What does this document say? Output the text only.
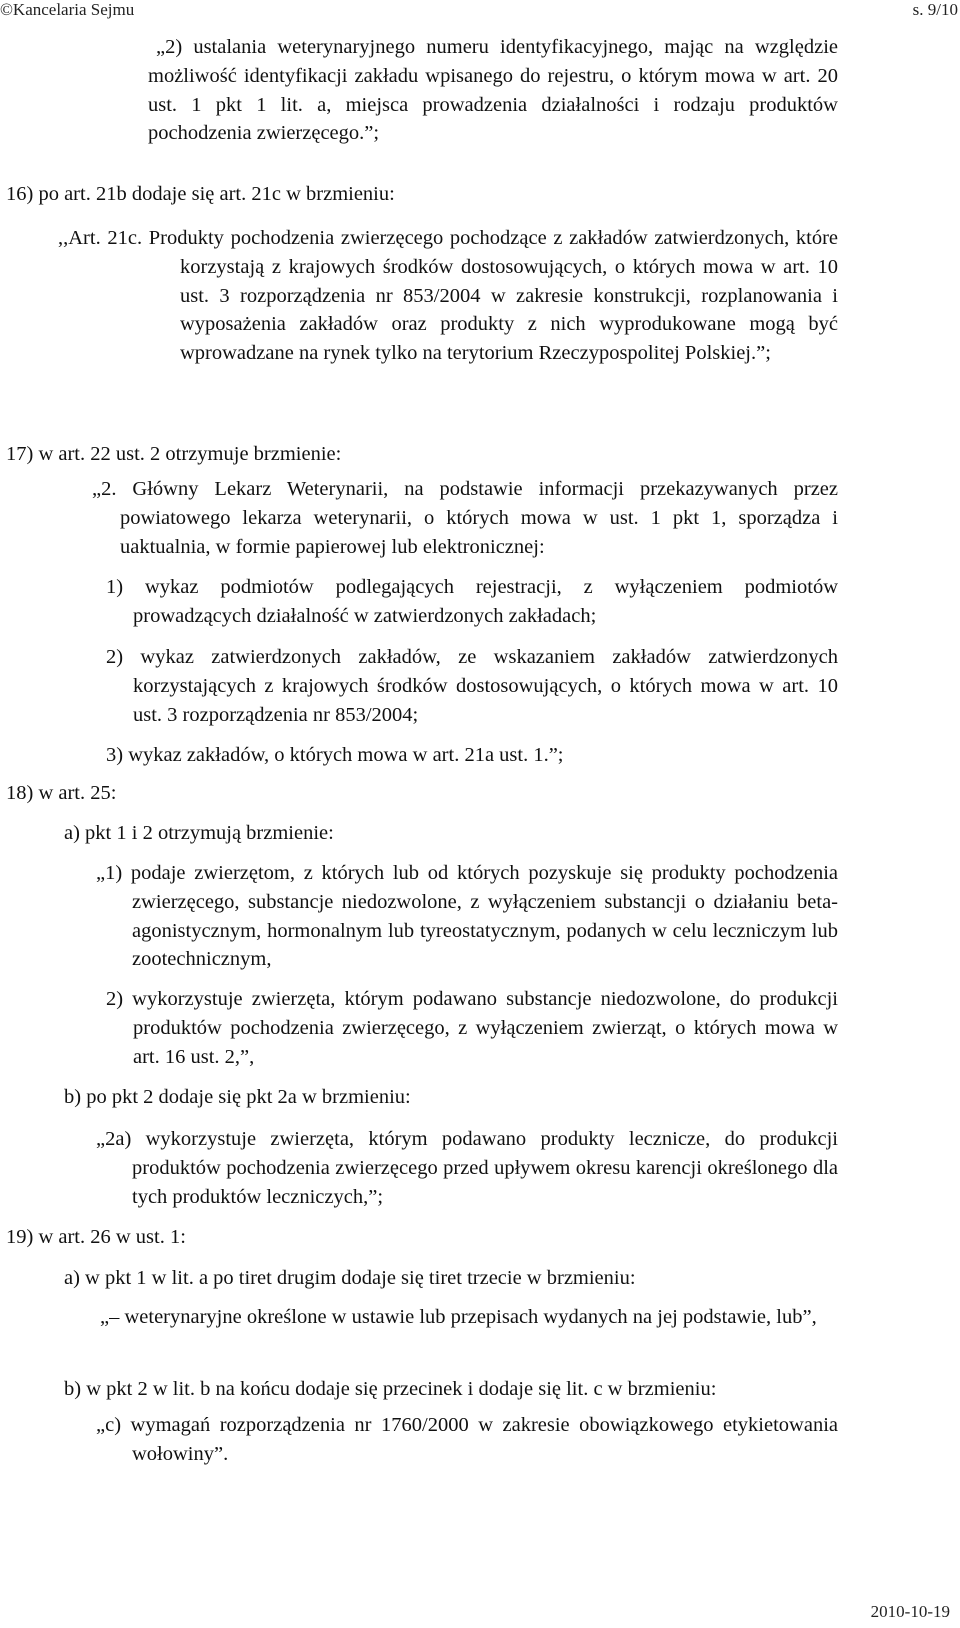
©Kancelaria Sejmu	s. 9/10

„2) ustalania weterynaryjnego numeru identyfikacyjnego, mając na względzie możliwość identyfikacji zakładu wpisanego do rejestru, o którym mowa w art. 20 ust. 1 pkt 1 lit. a, miejsca prowadzenia działalności i rodzaju produktów pochodzenia zwierzęcego.”;

16) po art. 21b dodaje się art. 21c w brzmieniu:

,,Art. 21c. Produkty pochodzenia zwierzęcego pochodzące z zakładów zatwierdzonych, które korzystają z krajowych środków dostosowujących, o których mowa w art. 10 ust. 3 rozporządzenia nr 853/2004 w zakresie konstrukcji, rozplanowania i wyposażenia zakładów oraz produkty z nich wyprodukowane mogą być wprowadzane na rynek tylko na terytorium Rzeczypospolitej Polskiej.”;

17) w art. 22 ust. 2 otrzymuje brzmienie:

„2. Główny Lekarz Weterynarii, na podstawie informacji przekazywanych przez powiatowego lekarza weterynarii, o których mowa w ust. 1 pkt 1, sporządza i uaktualnia, w formie papierowej lub elektronicznej:

1) wykaz podmiotów podlegających rejestracji, z wyłączeniem podmiotów prowadzących działalność w zatwierdzonych zakładach;

2) wykaz zatwierdzonych zakładów, ze wskazaniem zakładów zatwierdzonych korzystających z krajowych środków dostosowujących, o których mowa w art. 10 ust. 3 rozporządzenia nr 853/2004;

3) wykaz zakładów, o których mowa w art. 21a ust. 1.”;

18) w art. 25:

a) pkt 1 i 2 otrzymują brzmienie:

„1) podaje zwierzętom, z których lub od których pozyskuje się produkty pochodzenia zwierzęcego, substancje niedozwolone, z wyłączeniem substancji o działaniu beta-agonistycznym, hormonalnym lub tyreostatycznym, podanych w celu leczniczym lub zootechnicznym,

2) wykorzystuje zwierzęta, którym podawano substancje niedozwolone, do produkcji produktów pochodzenia zwierzęcego, z wyłączeniem zwierząt, o których mowa w art. 16 ust. 2,”,

b) po pkt 2 dodaje się pkt 2a w brzmieniu:

„2a) wykorzystuje zwierzęta, którym podawano produkty lecznicze, do produkcji produktów pochodzenia zwierzęcego przed upływem okresu karencji określonego dla tych produktów leczniczych,”;

19) w art. 26 w ust. 1:

a) w pkt 1 w lit. a po tiret drugim dodaje się tiret trzecie w brzmieniu:

„– weterynaryjne określone w ustawie lub przepisach wydanych na jej podstawie, lub”,

b) w pkt 2 w lit. b na końcu dodaje się przecinek i dodaje się lit. c w brzmieniu:

„c) wymagań rozporządzenia nr 1760/2000 w zakresie obowiązkowego etykietowania wołowiny”.

2010-10-19
